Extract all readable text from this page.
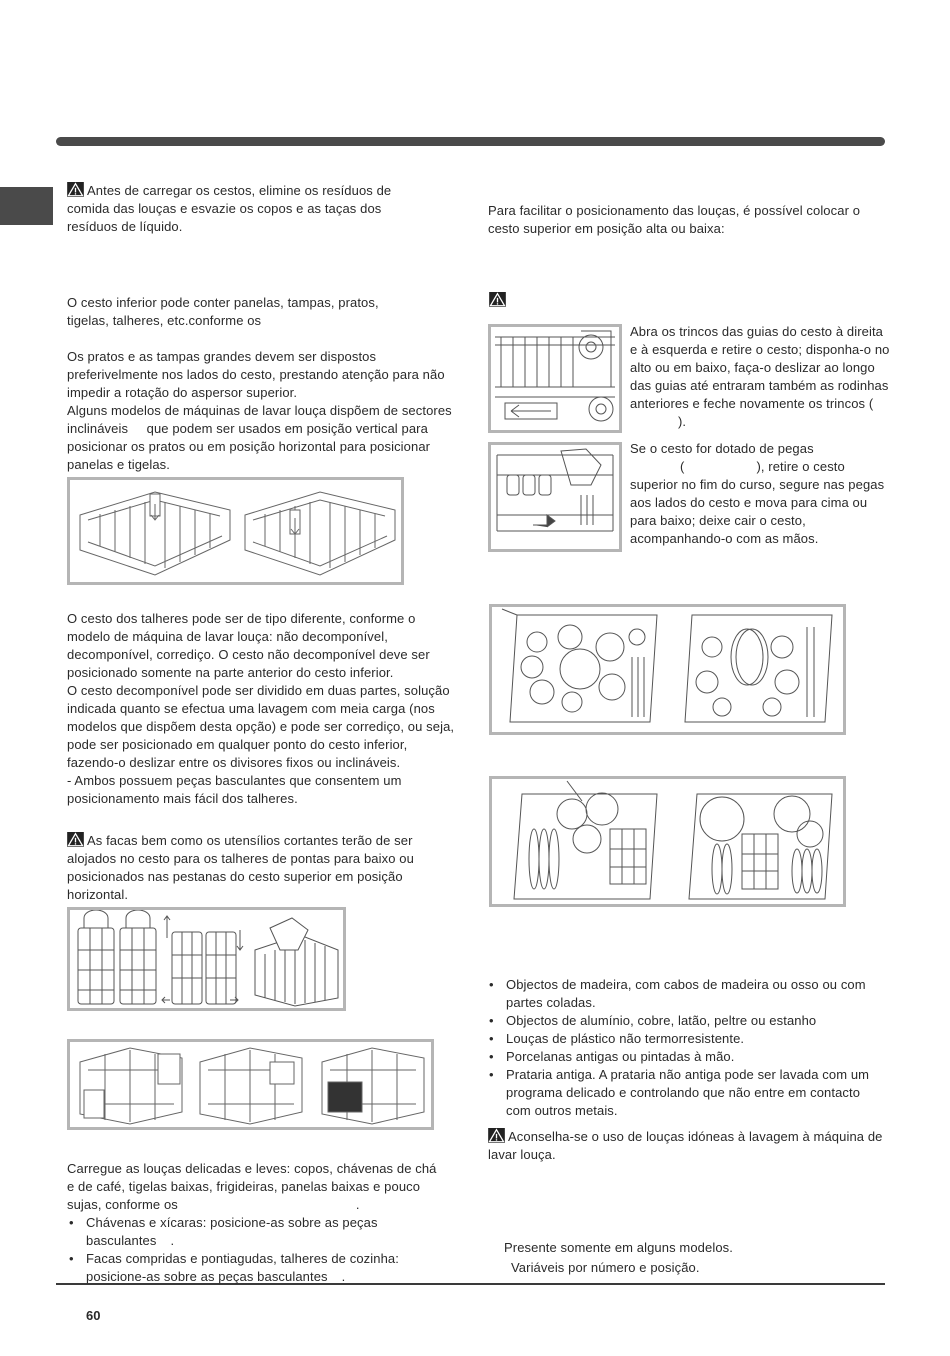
Antes de carregar os cestos, elimine os resíduos de comida das louças e esvazie os copos e as taças dos resíduos de líquido.
O cesto inferior pode conter panelas, tampas, pratos, tigelas, talheres, etc.conforme os
Os pratos e as tampas grandes devem ser dispostos preferivelmente nos lados do cesto, prestando atenção para não impedir a rotação do aspersor superior.
Alguns modelos de máquinas de lavar louça dispõem de sectores inclináveis que podem ser usados em posição vertical para posicionar os pratos ou em posição horizontal para posicionar panelas e tigelas.
O cesto dos talheres pode ser de tipo diferente, conforme o modelo de máquina de lavar louça: não decomponível, decomponível, corrediço. O cesto não decomponível deve ser posicionado somente na parte anterior do cesto inferior.
O cesto decomponível pode ser dividido em duas partes, solução indicada quanto se efectua uma lavagem com meia carga (nos modelos que dispõem desta opção) e pode ser corrediço, ou seja, pode ser posicionado em qualquer ponto do cesto inferior, fazendo-o deslizar entre os divisores fixos ou inclináveis.
- Ambos possuem peças basculantes que consentem um posicionamento mais fácil dos talheres.
As facas bem como os utensílios cortantes terão de ser alojados no cesto para os talheres de pontas para baixo ou posicionados nas pestanas do cesto superior em posição horizontal.
Carregue as louças delicadas e leves: copos, chávenas de chá e de café, tigelas baixas, frigideiras, panelas baixas e pouco sujas, conforme os	.
• Chávenas e xícaras: posicione-as sobre as peças basculantes .
• Facas compridas e pontiagudas, talheres de cozinha: posicione-as sobre as peças basculantes .
60
Para facilitar o posicionamento das louças, é possível colocar o cesto superior em posição alta ou baixa:
Abra os trincos das guias do cesto à direita e à esquerda e retire o cesto; disponha-o no alto ou em baixo, faça-o deslizar ao longo das guias até entraram também as rodinhas anteriores e feche novamente os trincos ().
Se o cesto for dotado de pegas
(	), retire o cesto superior no fim do curso, segure nas pegas aos lados do cesto e mova para cima ou para baixo; deixe cair o cesto, acompanhando-o com as mãos.
• Objectos de madeira, com cabos de madeira ou osso ou com partes coladas.
• Objectos de alumínio, cobre, latão, peltre ou estanho
• Louças de plástico não termorresistente.
• Porcelanas antigas ou pintadas à mão.
• Prataria antiga. A prataria não antiga pode ser lavada com um programa delicado e controlando que não entre em contacto com outros metais.
Aconselha-se o uso de louças idóneas à lavagem à máquina de lavar louça.
Presente somente em alguns modelos.
Variáveis por número e posição.
